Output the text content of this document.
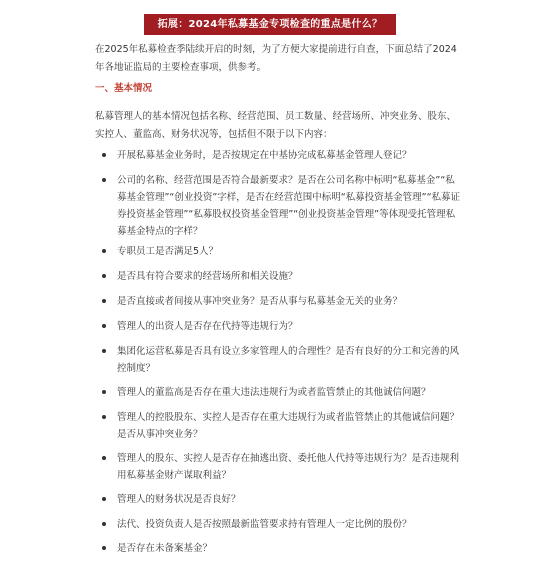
拓展：2024年私募基金专项检查的重点是什么？

在2025年私募检查季陆续开启的时刻，为了方便大家提前进行自查，下面总结了2024年各地证监局的主要检查事项，供参考。

一、基本情况

私募管理人的基本情况包括名称、经营范围、员工数量、经营场所、冲突业务、股东、实控人、董监高、财务状况等，包括但不限于以下内容：

开展私募基金业务时，是否按规定在中基协完成私募基金管理人登记？
公司的名称、经营范围是否符合最新要求？是否在公司名称中标明“私募基金”“私募基金管理”“创业投资”字样，是否在经营范围中标明“私募投资基金管理”“私募证券投资基金管理”“私募股权投资基金管理”“创业投资基金管理”等体现受托管理私募基金特点的字样？
专职员工是否满足5人？
是否具有符合要求的经营场所和相关设施？
是否直接或者间接从事冲突业务？是否从事与私募基金无关的业务？
管理人的出资人是否存在代持等违规行为？
集团化运营私募是否具有设立多家管理人的合理性？是否有良好的分工和完善的风控制度？
管理人的董监高是否存在重大违法违规行为或者监管禁止的其他诚信问题？
管理人的控股股东、实控人是否存在重大违规行为或者监管禁止的其他诚信问题？是否从事冲突业务？
管理人的股东、实控人是否存在抽逃出资、委托他人代持等违规行为？是否违规利用私募基金财产谋取利益？
管理人的财务状况是否良好？
法代、投资负责人是否按照最新监管要求持有管理人一定比例的股份？
是否存在未备案基金？
